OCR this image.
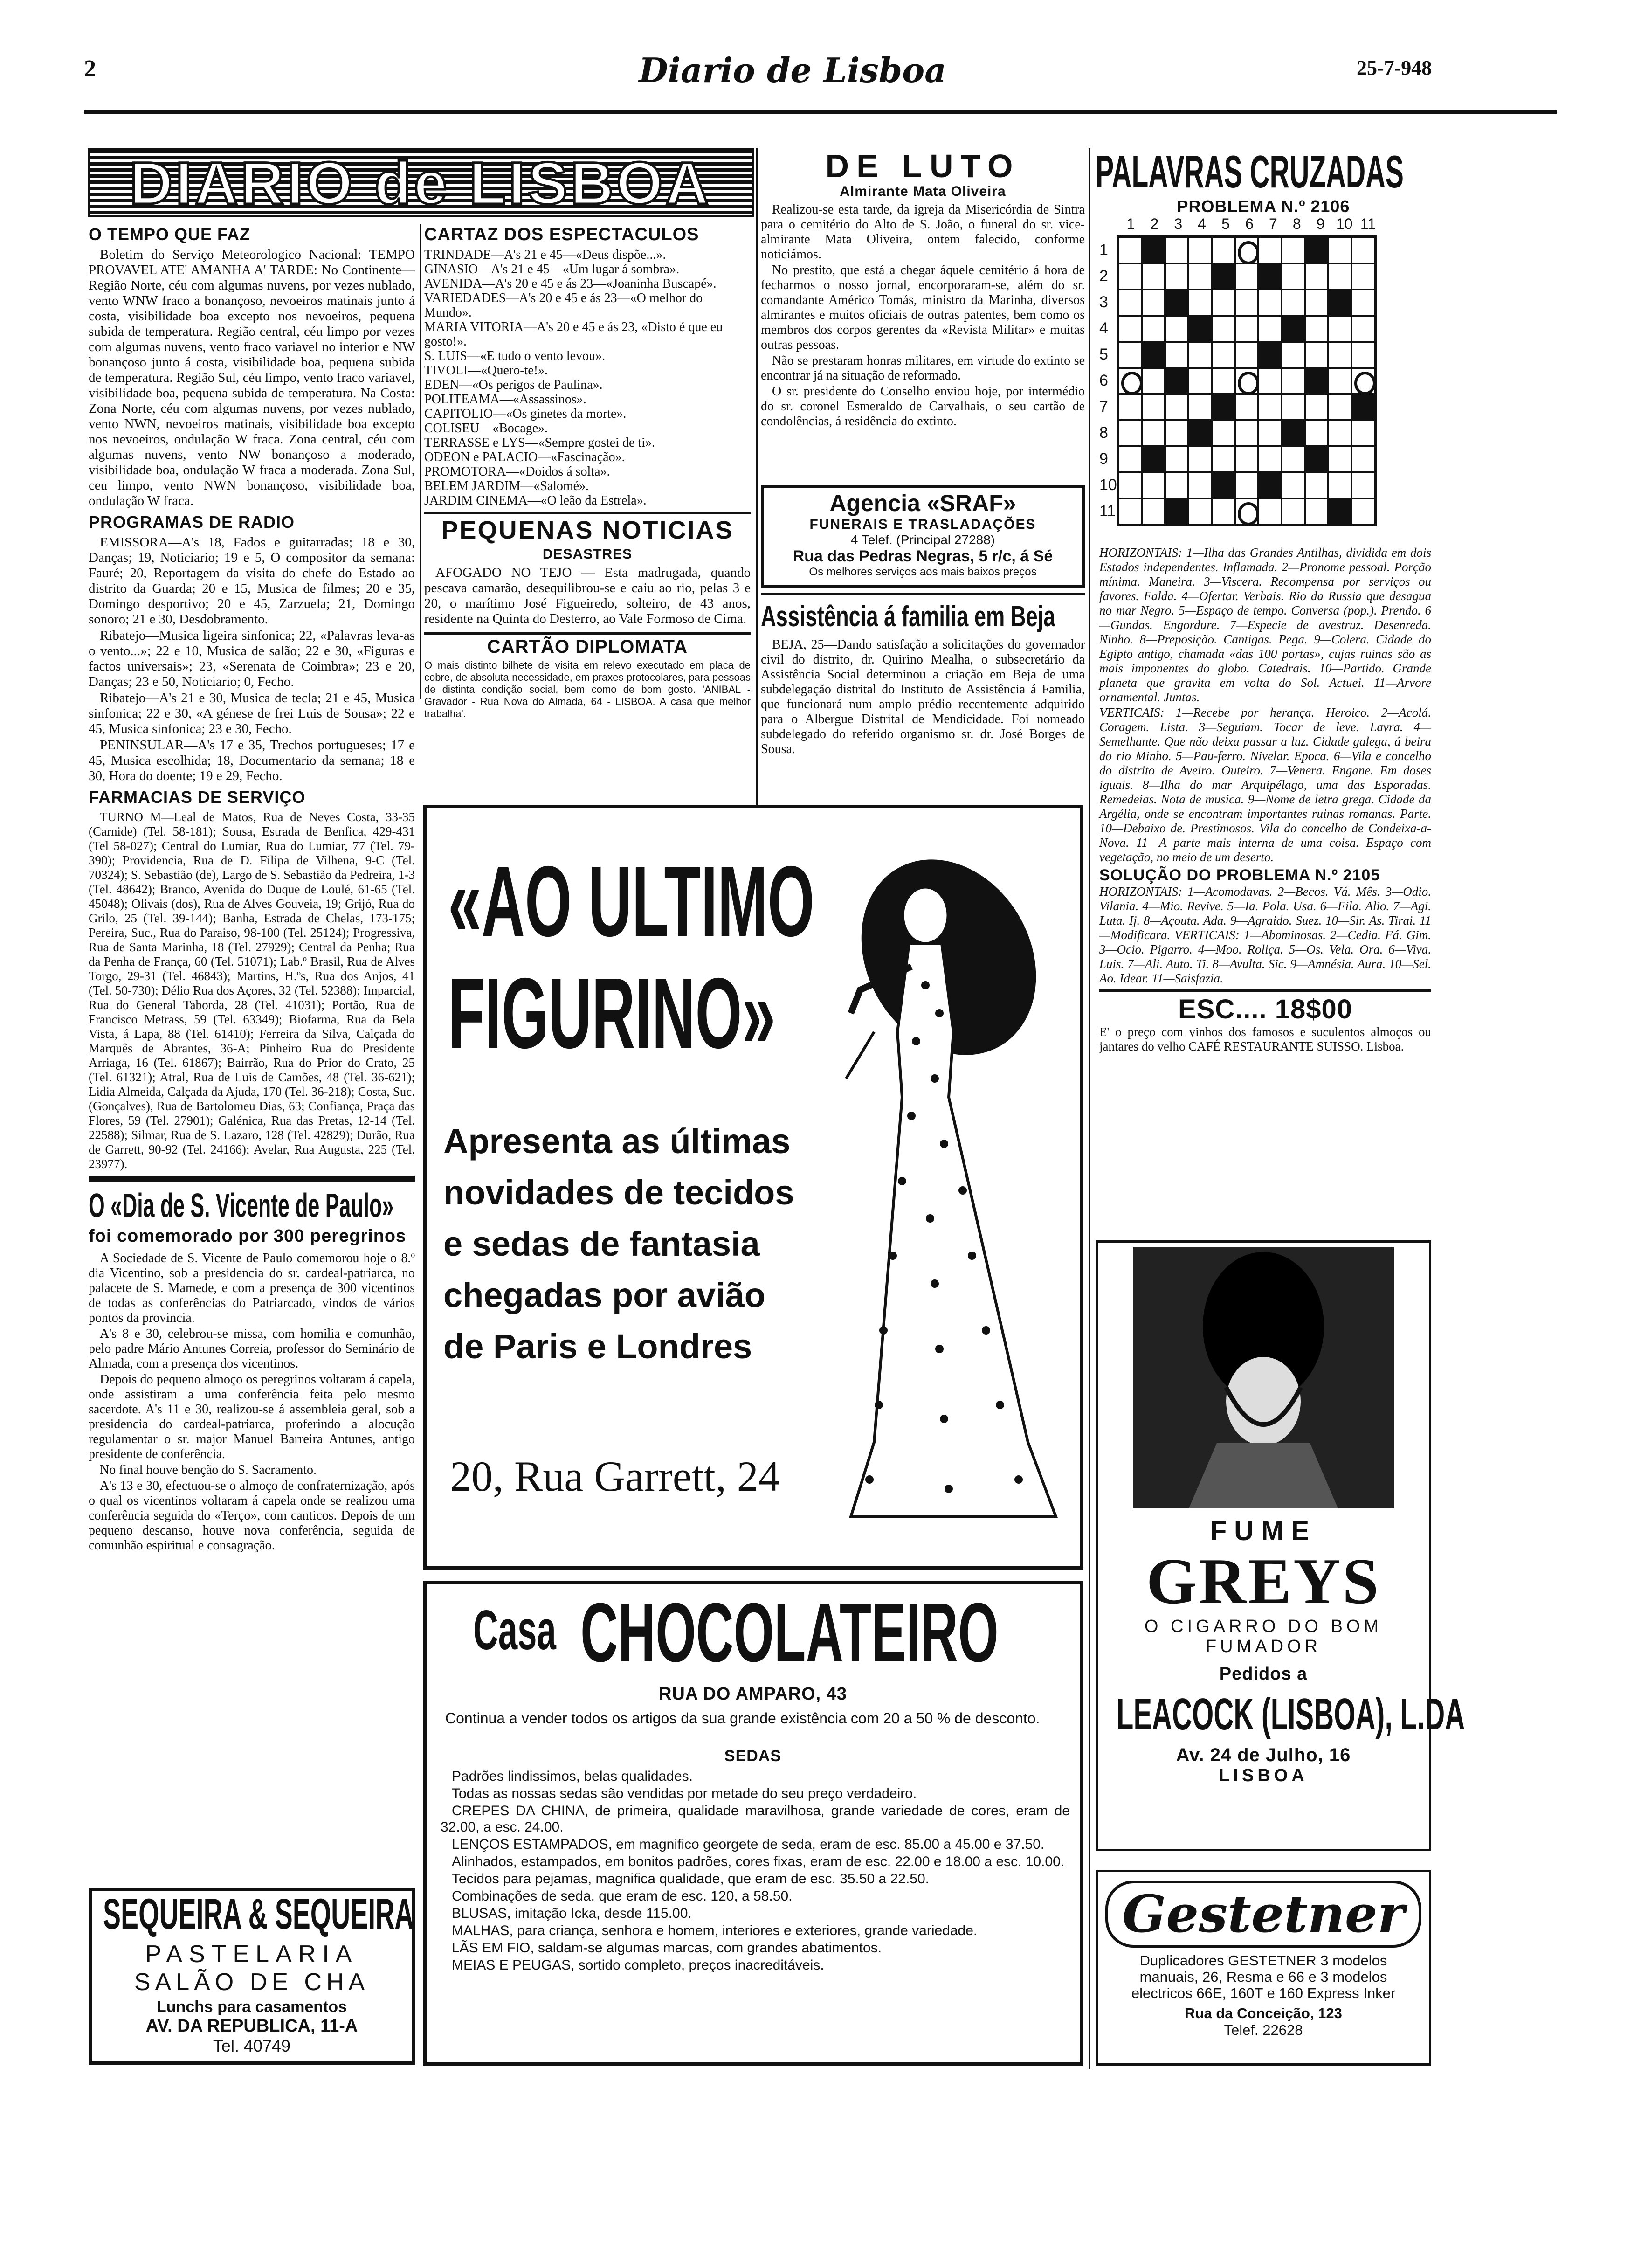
2	Diario de Lisboa	25-7-948
DIARIO de LISBOA
O TEMPO QUE FAZ

Boletim do Serviço Meteorologico Nacional: TEMPO PROVAVEL ATE' AMANHA A' TARDE: No Continente—Região Norte, céu com algumas nuvens, por vezes nublado, vento WNW fraco a bonançoso, nevoeiros matinais junto á costa, visibilidade boa excepto nos nevoeiros, pequena subida de temperatura. Região central, céu limpo por vezes com algumas nuvens, vento fraco variavel no interior e NW bonançoso junto á costa, visibilidade boa, pequena subida de temperatura. Região Sul, céu limpo, vento fraco variavel, visibilidade boa, pequena subida de temperatura. Na Costa: Zona Norte, céu com algumas nuvens, por vezes nublado, vento NWN, nevoeiros matinais, visibilidade boa excepto nos nevoeiros, ondulação W fraca. Zona central, céu com algumas nuvens, vento NW bonançoso a moderado, visibilidade boa, ondulação W fraca a moderada. Zona Sul, ceu limpo, vento NWN bonançoso, visibilidade boa, ondulação W fraca.

PROGRAMAS DE RADIO

EMISSORA—A's 18, Fados e guitarradas; 18 e 30, Danças; 19, Noticiario; 19 e 5, O compositor da semana: Fauré; 20, Reportagem da visita do chefe do Estado ao distrito da Guarda; 20 e 15, Musica de filmes; 20 e 35, Domingo desportivo; 20 e 45, Zarzuela; 21, Domingo sonoro; 21 e 30, Desdobramento.

Ribatejo—Musica ligeira sinfonica; 22, «Palavras leva-as o vento...»; 22 e 10, Musica de salão; 22 e 30, «Figuras e factos universais»; 23, «Serenata de Coimbra»; 23 e 20, Danças; 23 e 50, Noticiario; 0, Fecho.

Ribatejo—A's 21 e 30, Musica de tecla; 21 e 45, Musica sinfonica; 22 e 30, «A génese de frei Luis de Sousa»; 22 e 45, Musica sinfonica; 23 e 30, Fecho.

PENINSULAR—A's 17 e 35, Trechos portugueses; 17 e 45, Musica escolhida; 18, Documentario da semana; 18 e 30, Hora do doente; 19 e 29, Fecho.

FARMACIAS DE SERVIÇO

TURNO M—Leal de Matos, Rua de Neves Costa, 33-35 (Carnide) (Tel. 58-181); Sousa, Estrada de Benfica, 429-431 (Tel 58-027); Central do Lumiar, Rua do Lumiar, 77 (Tel. 79-390); Providencia, Rua de D. Filipa de Vilhena, 9-C (Tel. 70324); S. Sebastião (de), Largo de S. Sebastião da Pedreira, 1-3 (Tel. 48642); Branco, Avenida do Duque de Loulé, 61-65 (Tel. 45048); Olivais (dos), Rua de Alves Gouveia, 19; Grijó, Rua do Grilo, 25 (Tel. 39-144); Banha, Estrada de Chelas, 173-175; Pereira, Suc., Rua do Paraiso, 98-100 (Tel. 25124); Progressiva, Rua de Santa Marinha, 18 (Tel. 27929); Central da Penha; Rua da Penha de França, 60 (Tel. 51071); Lab.º Brasil, Rua de Alves Torgo, 29-31 (Tel. 46843); Martins, H.ºs, Rua dos Anjos, 41 (Tel. 50-730); Délio Rua dos Açores, 32 (Tel. 52388); Imparcial, Rua do General Taborda, 28 (Tel. 41031); Portão, Rua de Francisco Metrass, 59 (Tel. 63349); Biofarma, Rua da Bela Vista, á Lapa, 88 (Tel. 61410); Ferreira da Silva, Calçada do Marquês de Abrantes, 36-A; Pinheiro Rua do Presidente Arriaga, 16 (Tel. 61867); Bairrão, Rua do Prior do Crato, 25 (Tel. 61321); Atral, Rua de Luis de Camões, 48 (Tel. 36-621); Lidia Almeida, Calçada da Ajuda, 170 (Tel. 36-218); Costa, Suc. (Gonçalves), Rua de Bartolomeu Dias, 63; Confiança, Praça das Flores, 59 (Tel. 27901); Galénica, Rua das Pretas, 12-14 (Tel. 22588); Silmar, Rua de S. Lazaro, 128 (Tel. 42829); Durão, Rua de Garrett, 90-92 (Tel. 24166); Avelar, Rua Augusta, 225 (Tel. 23977).

O «Dia de S. Vicente de Paulo»
foi comemorado por 300 peregrinos

A Sociedade de S. Vicente de Paulo comemorou hoje o 8.º dia Vicentino, sob a presidencia do sr. cardeal-patriarca, no palacete de S. Mamede, e com a presença de 300 vicentinos de todas as conferências do Patriarcado, vindos de vários pontos da provincia.

A's 8 e 30, celebrou-se missa, com homilia e comunhão, pelo padre Mário Antunes Correia, professor do Seminário de Almada, com a presença dos vicentinos.

Depois do pequeno almoço os peregrinos voltaram á capela, onde assistiram a uma conferência feita pelo mesmo sacerdote. A's 11 e 30, realizou-se á assembleia geral, sob a presidencia do cardeal-patriarca, proferindo a alocução regulamentar o sr. major Manuel Barreira Antunes, antigo presidente de conferência.

No final houve benção do S. Sacramento.

A's 13 e 30, efectuou-se o almoço de confraternização, após o qual os vicentinos voltaram á capela onde se realizou uma conferência seguida do «Terço», com canticos. Depois de um pequeno descanso, houve nova conferência, seguida de comunhão espiritual e consagração.

SEQUEIRA & SEQUEIRA
PASTELARIA
SALÃO DE CHA
Lunchs para casamentos
AV. DA REPUBLICA, 11-A
Tel. 40749
CARTAZ DOS ESPECTACULOS
TRINDADE—A's 21 e 45—«Deus dispõe...».
GINASIO—A's 21 e 45—«Um lugar á sombra».
AVENIDA—A's 20 e 45 e ás 23—«Joaninha Buscapé».
VARIEDADES—A's 20 e 45 e ás 23—«O melhor do Mundo».
MARIA VITORIA—A's 20 e 45 e ás 23, «Disto é que eu gosto!».
S. LUIS—«E tudo o vento levou».
TIVOLI—«Quero-te!».
EDEN—«Os perigos de Paulina».
POLITEAMA—«Assassinos».
CAPITOLIO—«Os ginetes da morte».
COLISEU—«Bocage».
TERRASSE e LYS—«Sempre gostei de ti».
ODEON e PALACIO—«Fascinação».
PROMOTORA—«Doidos á solta».
BELEM JARDIM—«Salomé».
JARDIM CINEMA—«O leão da Estrela».
PEQUENAS NOTICIAS
DESASTRES

AFOGADO NO TEJO — Esta madrugada, quando pescava camarão, desequilibrou-se e caiu ao rio, pelas 3 e 20, o marítimo José Figueiredo, solteiro, de 43 anos, residente na Quinta do Desterro, ao Vale Formoso de Cima.

CARTÃO DIPLOMATA
O mais distinto bilhete de visita em relevo executado em placa de cobre, de absoluta necessidade, em praxes protocolares, para pessoas de distinta condição social, bem como de bom gosto. 'ANIBAL - Gravador - Rua Nova do Almada, 64 - LISBOA. A casa que melhor trabalha'.
DE LUTO
Almirante Mata Oliveira

Realizou-se esta tarde, da igreja da Misericórdia de Sintra para o cemitério do Alto de S. João, o funeral do sr. vice-almirante Mata Oliveira, ontem falecido, conforme noticiámos.

No prestito, que está a chegar áquele cemitério á hora de fecharmos o nosso jornal, encorporaram-se, além do sr. comandante Américo Tomás, ministro da Marinha, diversos almirantes e muitos oficiais de outras patentes, bem como os membros dos corpos gerentes da «Revista Militar» e muitas outras pessoas.

Não se prestaram honras militares, em virtude do extinto se encontrar já na situação de reformado.

O sr. presidente do Conselho enviou hoje, por intermédio do sr. coronel Esmeraldo de Carvalhais, o seu cartão de condolências, á residência do extinto.

Agencia «SRAF»
FUNERAIS E TRASLADAÇÕES
4 Telef. (Principal 27288)
Rua das Pedras Negras, 5 r/c, á Sé
Os melhores serviços aos mais baixos preços
Assistência á familia em Beja

BEJA, 25—Dando satisfação a solicitações do governador civil do distrito, dr. Quirino Mealha, o subsecretário da Assistência Social determinou a criação em Beja de uma subdelegação distrital do Instituto de Assistência á Familia, que funcionará num amplo prédio recentemente adquirido para o Albergue Distrital de Mendicidade. Foi nomeado subdelegado do referido organismo sr. dr. José Borges de Sousa.

«AO ULTIMO
FIGURINO»
Apresenta as últimas
novidades de tecidos
e sedas de fantasia
chegadas por avião
de Paris e Londres
20, Rua Garrett, 24
Casa CHOCOLATEIRO
RUA DO AMPARO, 43
Continua a vender todos os artigos da sua grande existência com 20 a 50 % de desconto.
SEDAS

Padrões lindissimos, belas qualidades.

Todas as nossas sedas são vendidas por metade do seu preço verdadeiro.

CREPES DA CHINA, de primeira, qualidade maravilhosa, grande variedade de cores, eram de 32.00, a esc. 24.00.

LENÇOS ESTAMPADOS, em magnifico georgete de seda, eram de esc. 85.00 a 45.00 e 37.50.

Alinhados, estampados, em bonitos padrões, cores fixas, eram de esc. 22.00 e 18.00 a esc. 10.00.

Tecidos para pejamas, magnifica qualidade, que eram de esc. 35.50 a 22.50.

Combinações de seda, que eram de esc. 120, a 58.50.

BLUSAS, imitação Icka, desde 115.00.

MALHAS, para criança, senhora e homem, interiores e exteriores, grande variedade.

LÃS EM FIO, saldam-se algumas marcas, com grandes abatimentos.

MEIAS E PEUGAS, sortido completo, preços inacreditáveis.

PALAVRAS CRUZADAS
PROBLEMA N.º 2106
1	2	3	4	5	6	7	8	9 10 11
1
2
3
4
5
6
7
8
9
10
11
HORIZONTAIS: 1—Ilha das Grandes Antilhas, dividida em dois Estados independentes. Inflamada. 2—Pronome pessoal. Porção mínima. Maneira. 3—Viscera. Recompensa por serviços ou favores. Falda. 4—Ofertar. Verbais. Rio da Russia que desagua no mar Negro. 5—Espaço de tempo. Conversa (pop.). Prendo. 6—Gundas. Engordure. 7—Especie de avestruz. Desenreda. Ninho. 8—Preposição. Cantigas. Pega. 9—Colera. Cidade do Egipto antigo, chamada «das 100 portas», cujas ruinas são as mais imponentes do globo. Catedrais. 10—Partido. Grande planeta que gravita em volta do Sol. Actuei. 11—Arvore ornamental. Juntas.
VERTICAIS: 1—Recebe por herança. Heroico. 2—Acolá. Coragem. Lista. 3—Seguiam. Tocar de leve. Lavra. 4—Semelhante. Que não deixa passar a luz. Cidade galega, á beira do rio Minho. 5—Pau-ferro. Nivelar. Epoca. 6—Vila e concelho do distrito de Aveiro. Outeiro. 7—Venera. Engane. Em doses iguais. 8—Ilha do mar Arquipélago, uma das Esporadas. Remedeias. Nota de musica. 9—Nome de letra grega. Cidade da Argélia, onde se encontram importantes ruinas romanas. Parte. 10—Debaixo de. Prestimosos. Vila do concelho de Condeixa-a-Nova. 11—A parte mais interna de uma coisa. Espaço com vegetação, no meio de um deserto.
SOLUÇÃO DO PROBLEMA N.º 2105
HORIZONTAIS: 1—Acomodavas. 2—Becos. Vá. Mês. 3—Odio. Vilania. 4—Mio. Revive. 5—Ia. Pola. Usa. 6—Fila. Alio. 7—Agi. Luta. Ij. 8—Açouta. Ada. 9—Agraido. Suez. 10—Sir. As. Tirai. 11—Modificara. VERTICAIS: 1—Abominosas. 2—Cedia. Fá. Gim. 3—Ocio. Pigarro. 4—Moo. Roliça. 5—Os. Vela. Ora. 6—Viva. Luis. 7—Ali. Auto. Ti. 8—Avulta. Sic. 9—Amnésia. Aura. 10—Sel. Ao. Idear. 11—Saisfazia.
ESC.... 18$00
E' o preço com vinhos dos famosos e suculentos almoços ou jantares do velho CAFÉ RESTAURANTE SUISSO. Lisboa.
FUME
GREYS
O CIGARRO DO BOM
FUMADOR
Pedidos a
LEACOCK (LISBOA), L.DA
Av. 24 de Julho, 16
LISBOA
Gestetner
Duplicadores GESTETNER 3 modelos manuais, 26, Resma e 66 e 3 modelos electricos 66E, 160T e 160 Express Inker
Rua da Conceição, 123
Telef. 22628
